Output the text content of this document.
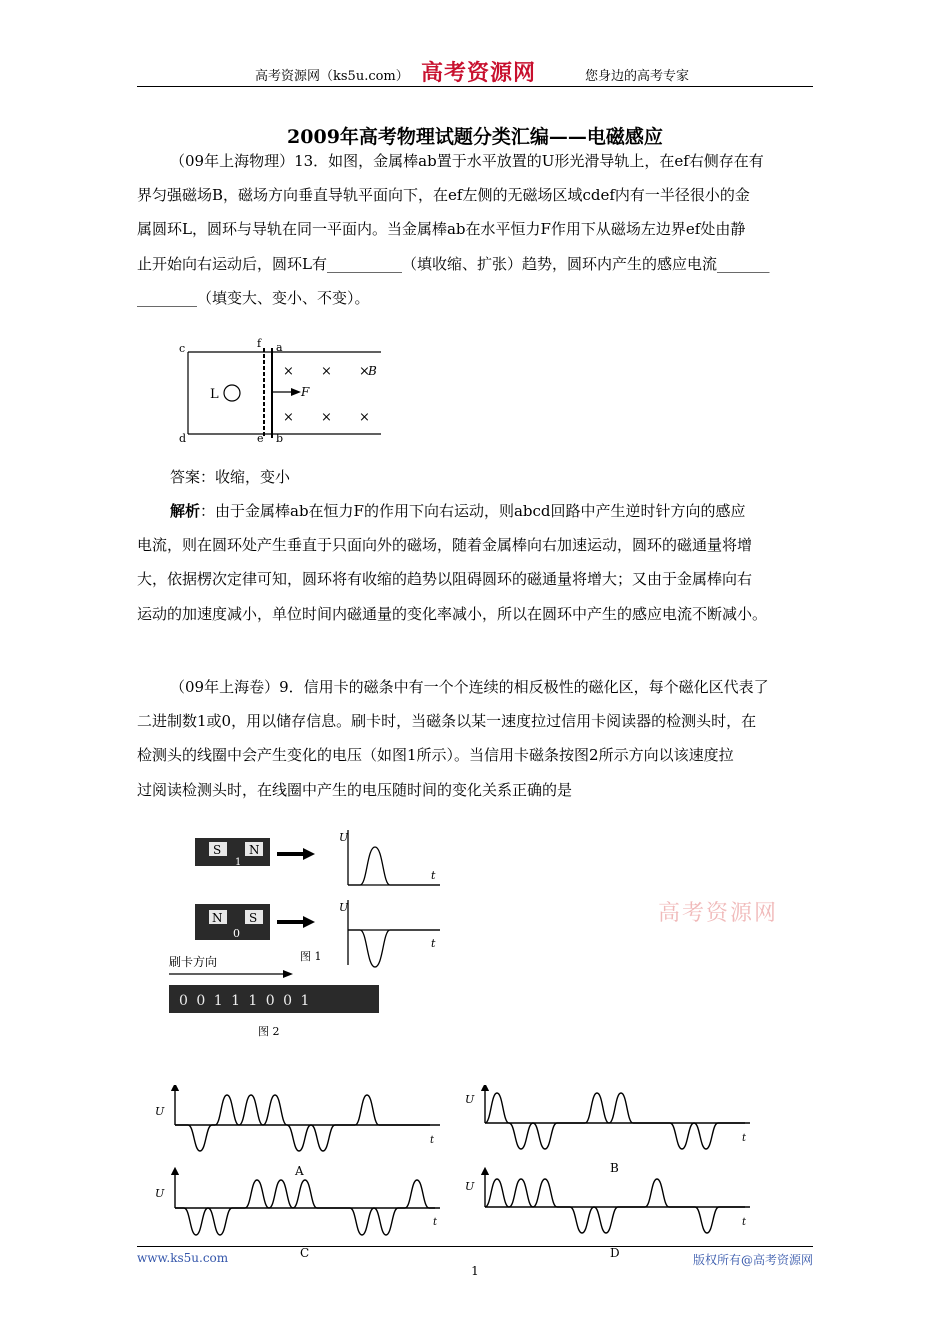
高考资源网（ks5u.com） 高考资源网	您身边的高考专家
2009年高考物理试题分类汇编——电磁感应

（09年上海物理）13．如图，金属棒ab置于水平放置的U形光滑导轨上，在ef右侧存在有

界匀强磁场B，磁场方向垂直导轨平面向下，在ef左侧的无磁场区域cdef内有一半径很小的金

属圆环L，圆环与导轨在同一平面内。当金属棒ab在水平恒力F作用下从磁场左边界ef处由静

止开始向右运动后，圆环L有__________（填收缩、扩张）趋势，圆环内产生的感应电流_______

________（填变大、变小、不变）。

c	f a
d	e b
L	F
× × ×
B
× × ×
答案：收缩，变小

解析：由于金属棒ab在恒力F的作用下向右运动，则abcd回路中产生逆时针方向的感应

电流，则在圆环处产生垂直于只面向外的磁场，随着金属棒向右加速运动，圆环的磁通量将增

大，依据楞次定律可知，圆环将有收缩的趋势以阻碍圆环的磁通量将增大；又由于金属棒向右

运动的加速度减小，单位时间内磁通量的变化率减小，所以在圆环中产生的感应电流不断减小。

（09年上海卷）9．信用卡的磁条中有一个个连续的相反极性的磁化区，每个磁化区代表了

二进制数1或0，用以储存信息。刷卡时，当磁条以某一速度拉过信用卡阅读器的检测头时，在

检测头的线圈中会产生变化的电压（如图1所示）。当信用卡磁条按图2所示方向以该速度拉

过阅读检测头时，在线圈中产生的电压随时间的变化关系正确的是

S N
1
N S
0
U
t
U
t
图 1
刷卡方向
0 0 1 1 1 0 0 1
图 2
高考资源网
U
t
A
U
t
B
U
t
C
U
t
D
www.ks5u.com	版权所有@高考资源网
1
